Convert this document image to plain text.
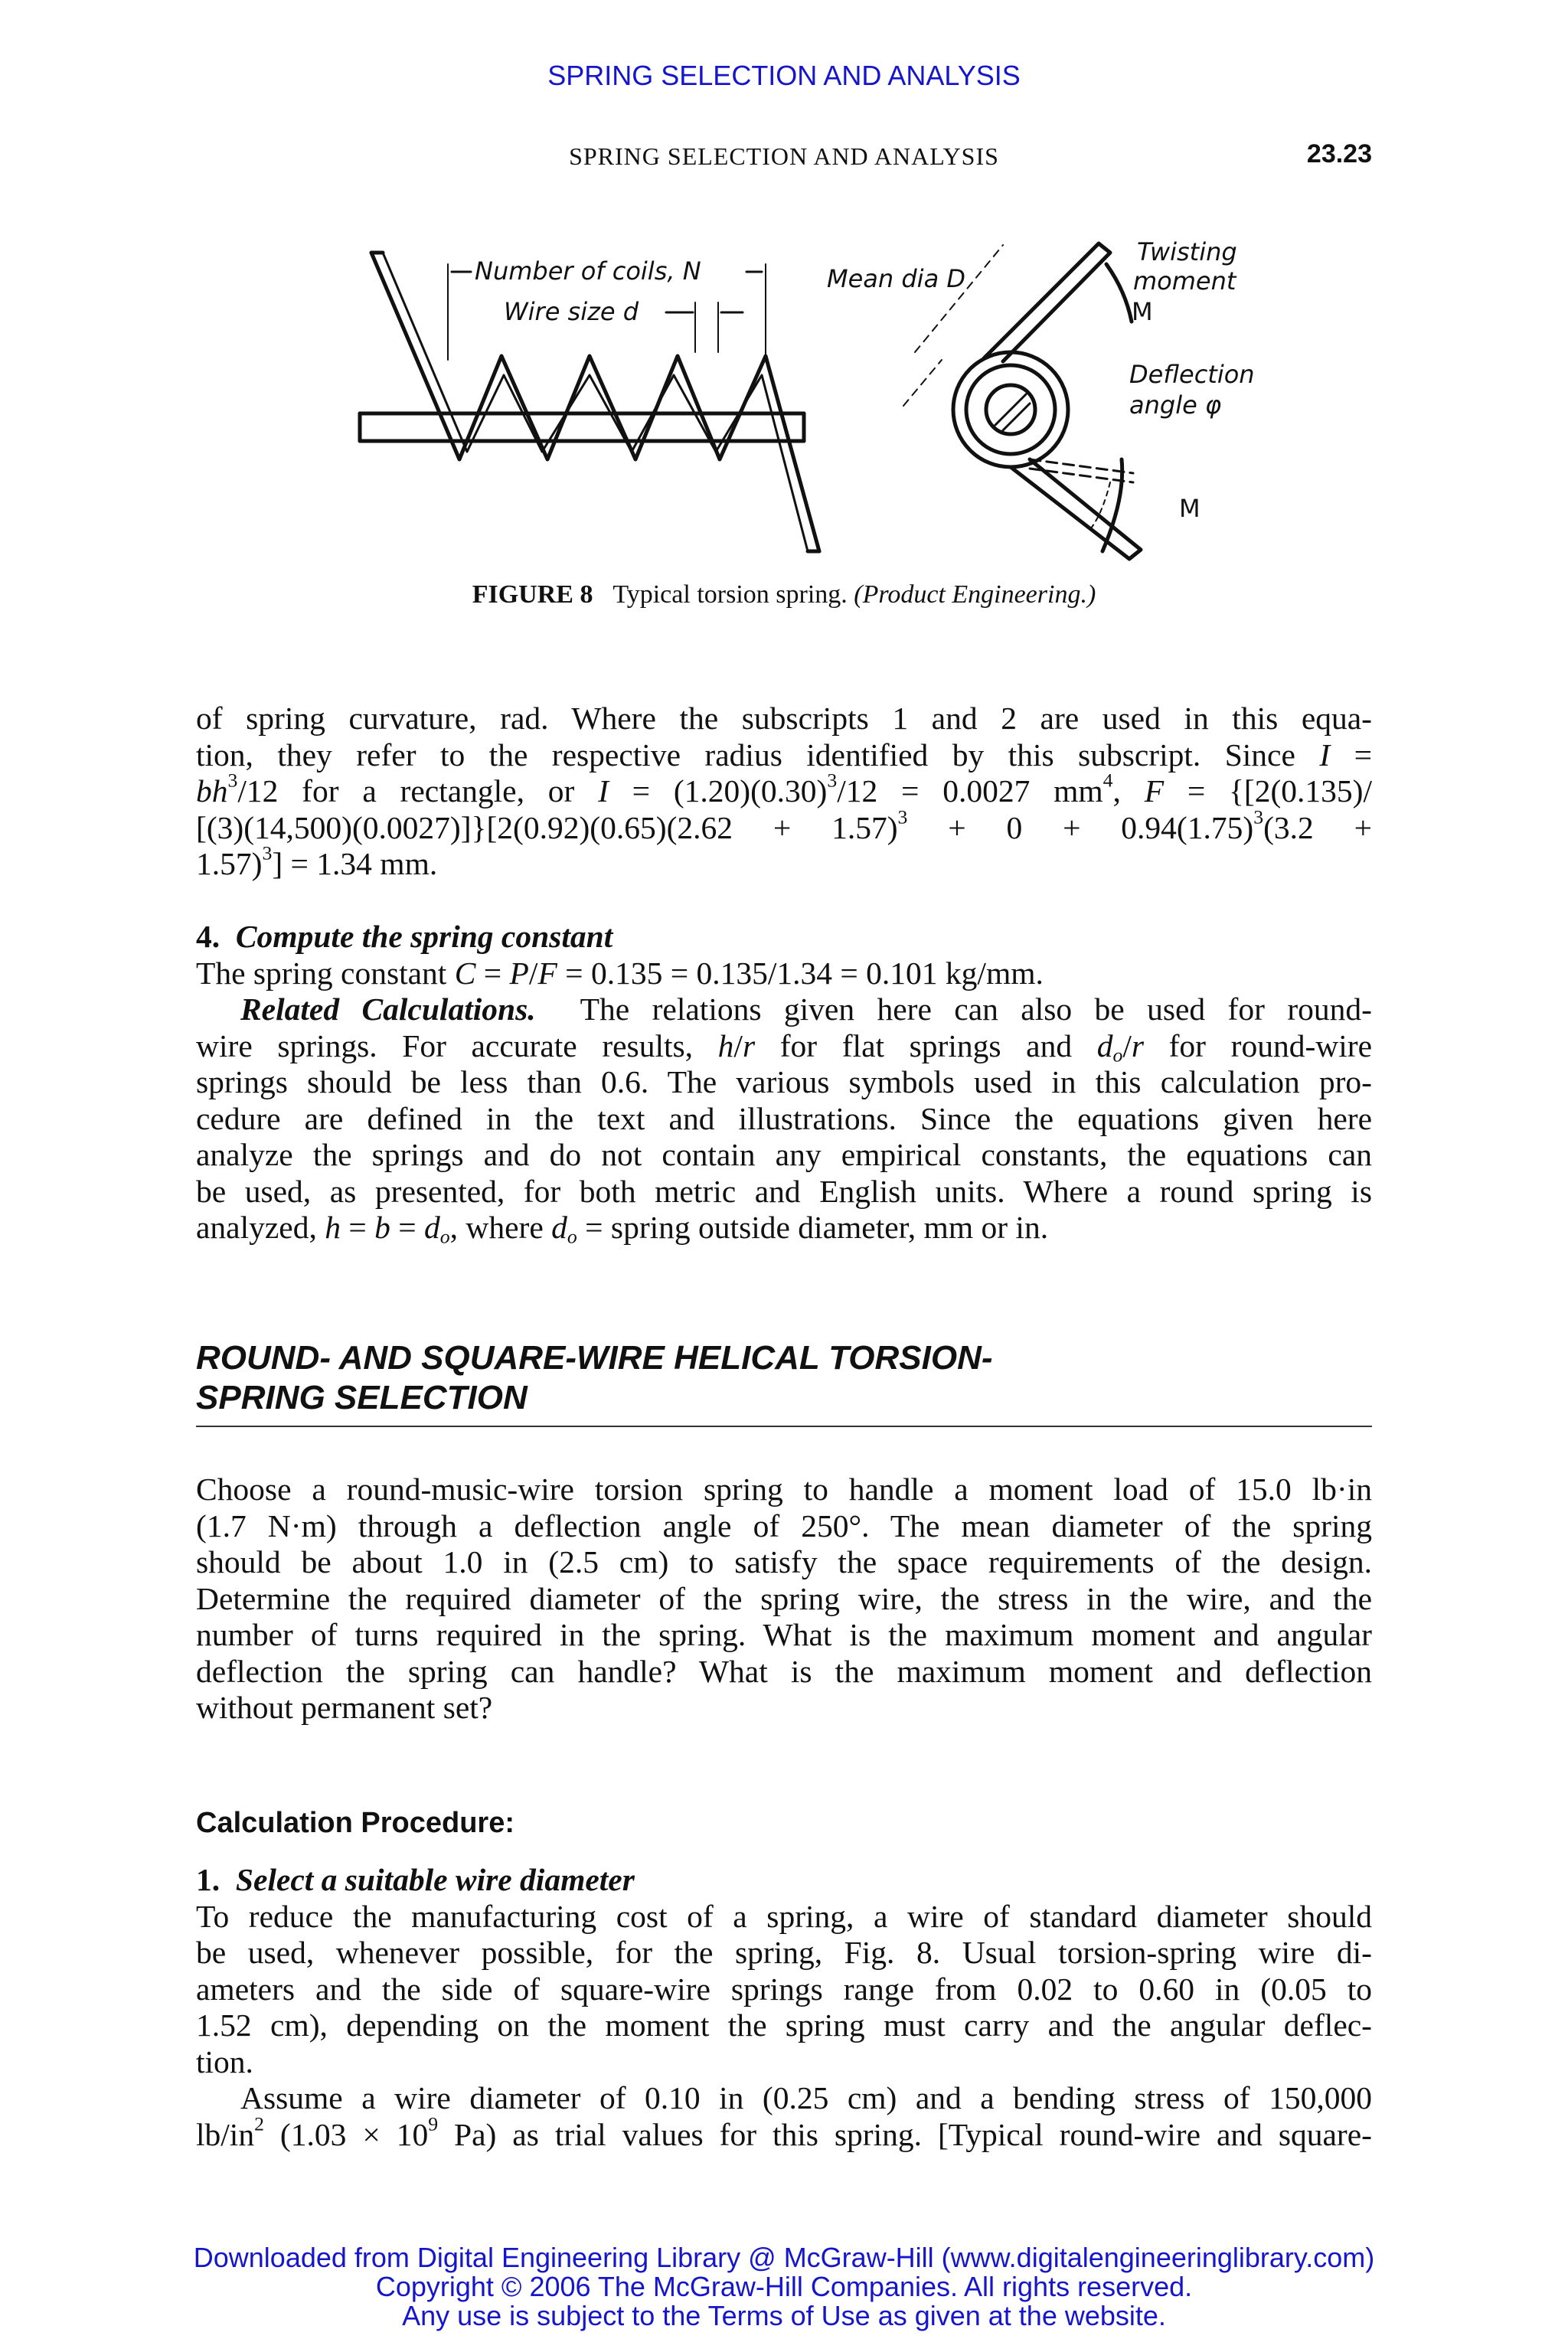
SPRING SELECTION AND ANALYSIS
SPRING SELECTION AND ANALYSIS	23.23
Number of coils, N
Wire size d
Mean dia D
Twisting
moment
M
Deflection
angle φ
M
FIGURE 8 Typical torsion spring. (Product Engineering.)
of spring curvature, rad. Where the subscripts 1 and 2 are used in this equa-
tion, they refer to the respective radius identified by this subscript. Since I =
$bh^3/12$ for a rectangle, or $I = (1.20)(0.30)^3/12 = 0.0027$ $mm^4$, F = {[2(0.135)/
$[(3)(14,500)(0.0027)]\}[2(0.92)(0.65)(2.62 + 1.57)^3 + 0 + 0.94(1.75)^3(3.2$ +
1.57)$^3$] = 1.34 mm.
4. Compute the spring constant
The spring constant C = P/F = 0.135 = 0.135/1.34 = 0.101 kg/mm.
Related Calculations.  The relations given here can also be used for round-
wire springs. For accurate results, h/r for flat springs and $d_o/r$ for round-wire
springs should be less than 0.6. The various symbols used in this calculation pro-
cedure are defined in the text and illustrations. Since the equations given here
analyze the springs and do not contain any empirical constants, the equations can
be used, as presented, for both metric and English units. Where a round spring is
analyzed, $h = b = d_o$, where $d_o$ = spring outside diameter, mm or in.
ROUND- AND SQUARE-WIRE HELICAL TORSION-
SPRING SELECTION
Choose a round-music-wire torsion spring to handle a moment load of 15.0 lb·in
(1.7 N·m) through a deflection angle of 250°. The mean diameter of the spring
should be about 1.0 in (2.5 cm) to satisfy the space requirements of the design.
Determine the required diameter of the spring wire, the stress in the wire, and the
number of turns required in the spring. What is the maximum moment and angular
deflection the spring can handle? What is the maximum moment and deflection
without permanent set?
Calculation Procedure:
1. Select a suitable wire diameter
To reduce the manufacturing cost of a spring, a wire of standard diameter should
be used, whenever possible, for the spring, Fig. 8. Usual torsion-spring wire di-
ameters and the side of square-wire springs range from 0.02 to 0.60 in (0.05 to
1.52 cm), depending on the moment the spring must carry and the angular deflec-
tion.
Assume a wire diameter of 0.10 in (0.25 cm) and a bending stress of 150,000
$lb/in^2$ ($1.03 \times 10^9$ Pa) as trial values for this spring. [Typical round-wire and square-
Downloaded from Digital Engineering Library @ McGraw-Hill (www.digitalengineeringlibrary.com)
Copyright © 2006 The McGraw-Hill Companies. All rights reserved.
Any use is subject to the Terms of Use as given at the website.
